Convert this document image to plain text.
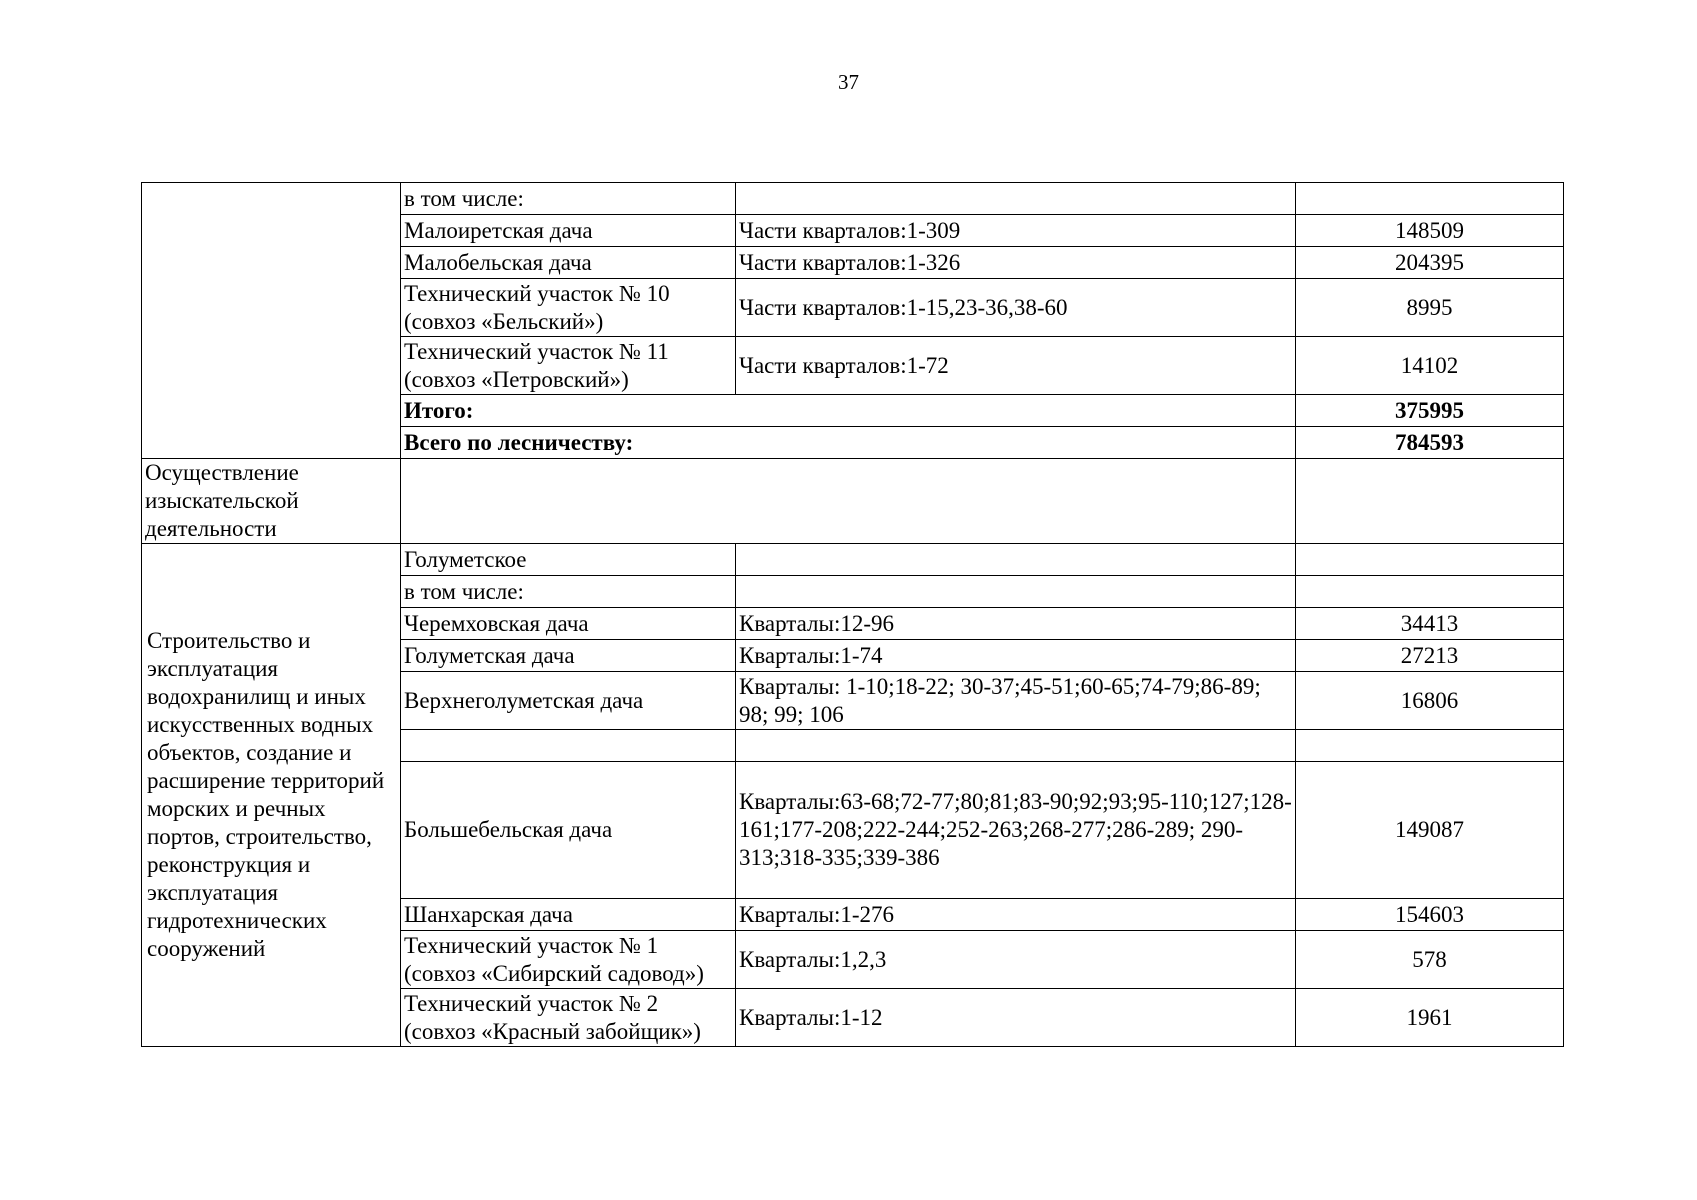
37
	в том числе:		
	Малоиретская дача	Части кварталов:1-309	148509
	Малобельская дача	Части кварталов:1-326	204395
	Технический участок № 10 (совхоз «Бельский»)	Части кварталов:1-15,23-36,38-60	8995
	Технический участок № 11 (совхоз «Петровский»)	Части кварталов:1-72	14102
	Итого:		375995
	Всего по лесничеству:		784593
Осуществление изыскательской деятельности			
Строительство и эксплуатация водохранилищ и иных искусственных водных объектов, создание и расширение территорий морских и речных портов, строительство, реконструкция и эксплуатация гидротехнических сооружений	Голуметское		
	в том числе:		
	Черемховская дача	Кварталы:12-96	34413
	Голуметская дача	Кварталы:1-74	27213
	Верхнеголуметская дача	Кварталы: 1-10;18-22; 30-37;45-51;60-65;74-79;86-89; 98; 99; 106	16806

	Большебельская дача	Кварталы:63-68;72-77;80;81;83-90;92;93;95-110;127;128-161;177-208;222-244;252-263;268-277;286-289; 290-313;318-335;339-386	149087
	Шанхарская дача	Кварталы:1-276	154603
	Технический участок № 1 (совхоз «Сибирский садовод»)	Кварталы:1,2,3	578
	Технический участок № 2 (совхоз «Красный забойщик»)	Кварталы:1-12	1961
